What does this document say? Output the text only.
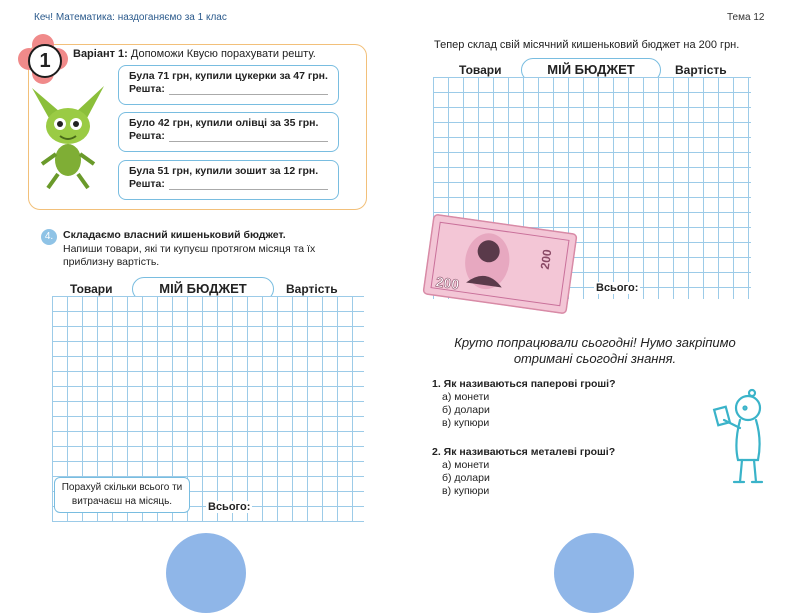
Кеч! Математика: наздоганяємо за 1 клас	Тема 12
1	Варіант 1: Допоможи Квусю порахувати решту.
Була 71 грн, купили цукерки за 47 грн.
Решта:
Було 42 грн, купили олівці за 35 грн.
Решта:
Була 51 грн, купили зошит за 12 грн.
Решта:
4. Складаємо власний кишеньковий бюджет.
Напиши товари, які ти купуєш протягом місяця та їх приблизну вартість.
Товари	МІЙ БЮДЖЕТ	Вартість
Порахуй скільки всього ти витрачаєш на місяць.	Всього:
Тепер склад свій місячний кишеньковий бюджет на 200 грн.
Товари	МІЙ БЮДЖЕТ	Вартість
200
200
Всього:
Круто попрацювали сьогодні! Нумо закріпимо отримані сьогодні знання.
1. Як називаються паперові гроші?
а) монети
б) долари
в) купюри
2. Як називаються металеві гроші?
а) монети
б) долари
в) купюри
